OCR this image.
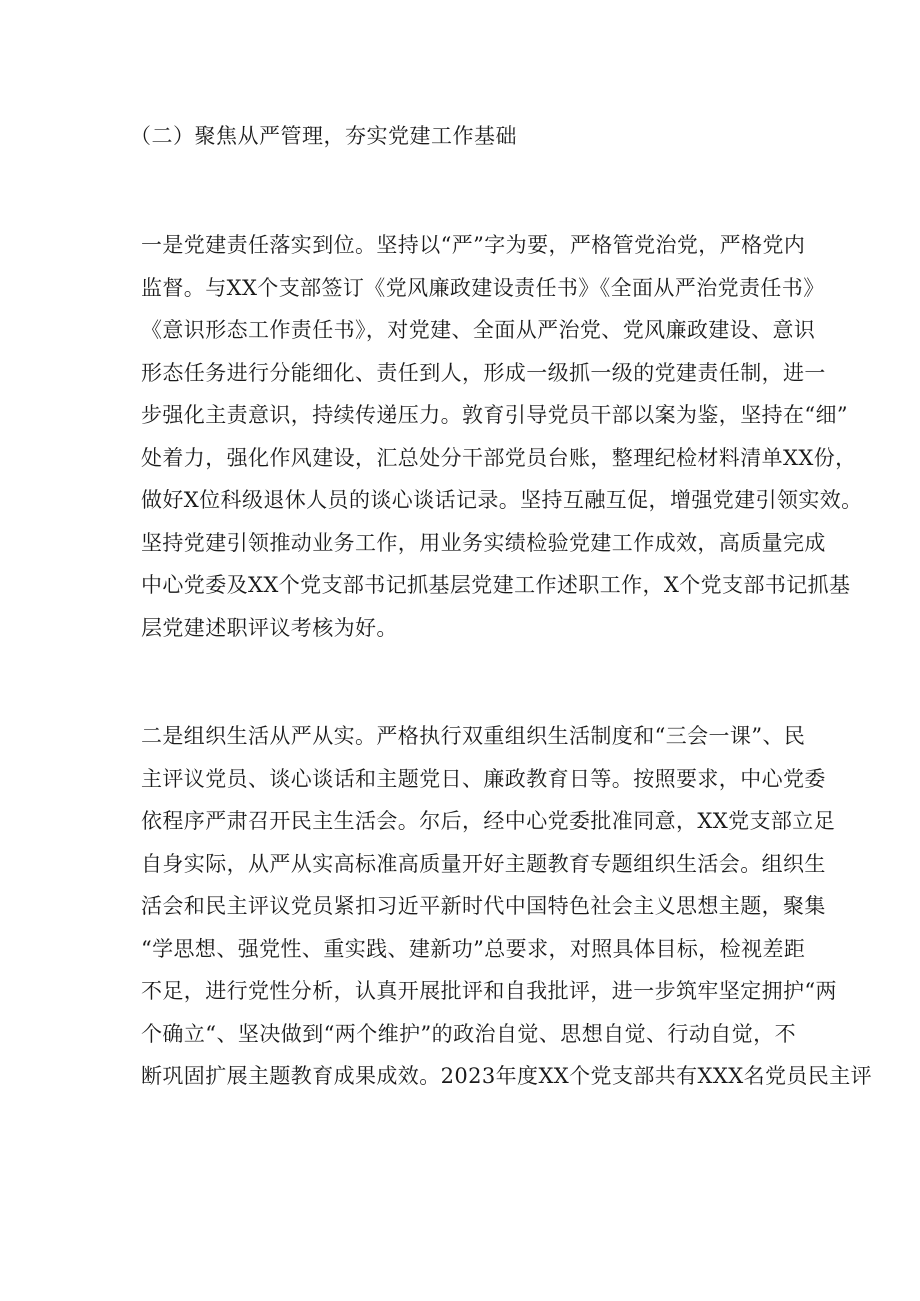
（二）聚焦从严管理，夯实党建工作基础
一是党建责任落实到位。坚持以“严”字为要，严格管党治党，严格党内
监督。与XX个支部签订《党风廉政建设责任书》《全面从严治党责任书》
《意识形态工作责任书》，对党建、全面从严治党、党风廉政建设、意识
形态任务进行分能细化、责任到人，形成一级抓一级的党建责任制，进一
步强化主责意识，持续传递压力。敦育引导党员干部以案为鉴，坚持在“细”
处着力，强化作风建设，汇总处分干部党员台账，整理纪检材料清单XX份，
做好X位科级退休人员的谈心谈话记录。坚持互融互促，增强党建引领实效。
坚持党建引领推动业务工作，用业务实绩检验党建工作成效，高质量完成
中心党委及XX个党支部书记抓基层党建工作述职工作，X个党支部书记抓基
层党建述职评议考核为好。
二是组织生活从严从实。严格执行双重组织生活制度和“三会一课”、民
主评议党员、谈心谈话和主题党日、廉政教育日等。按照要求，中心党委
依程序严肃召开民主生活会。尔后，经中心党委批准同意，XX党支部立足
自身实际，从严从实高标准高质量开好主题教育专题组织生活会。组织生
活会和民主评议党员紧扣习近平新时代中国特色社会主义思想主题，聚集
“学思想、强党性、重实践、建新功”总要求，对照具体目标，检视差距
不足，进行党性分析，认真开展批评和自我批评，进一步筑牢坚定拥护“两
个确立“、坚决做到“两个维护”的政治自觉、思想自觉、行动自觉，不
断巩固扩展主题教育成果成效。2023年度XX个党支部共有XXX名党员民主评
